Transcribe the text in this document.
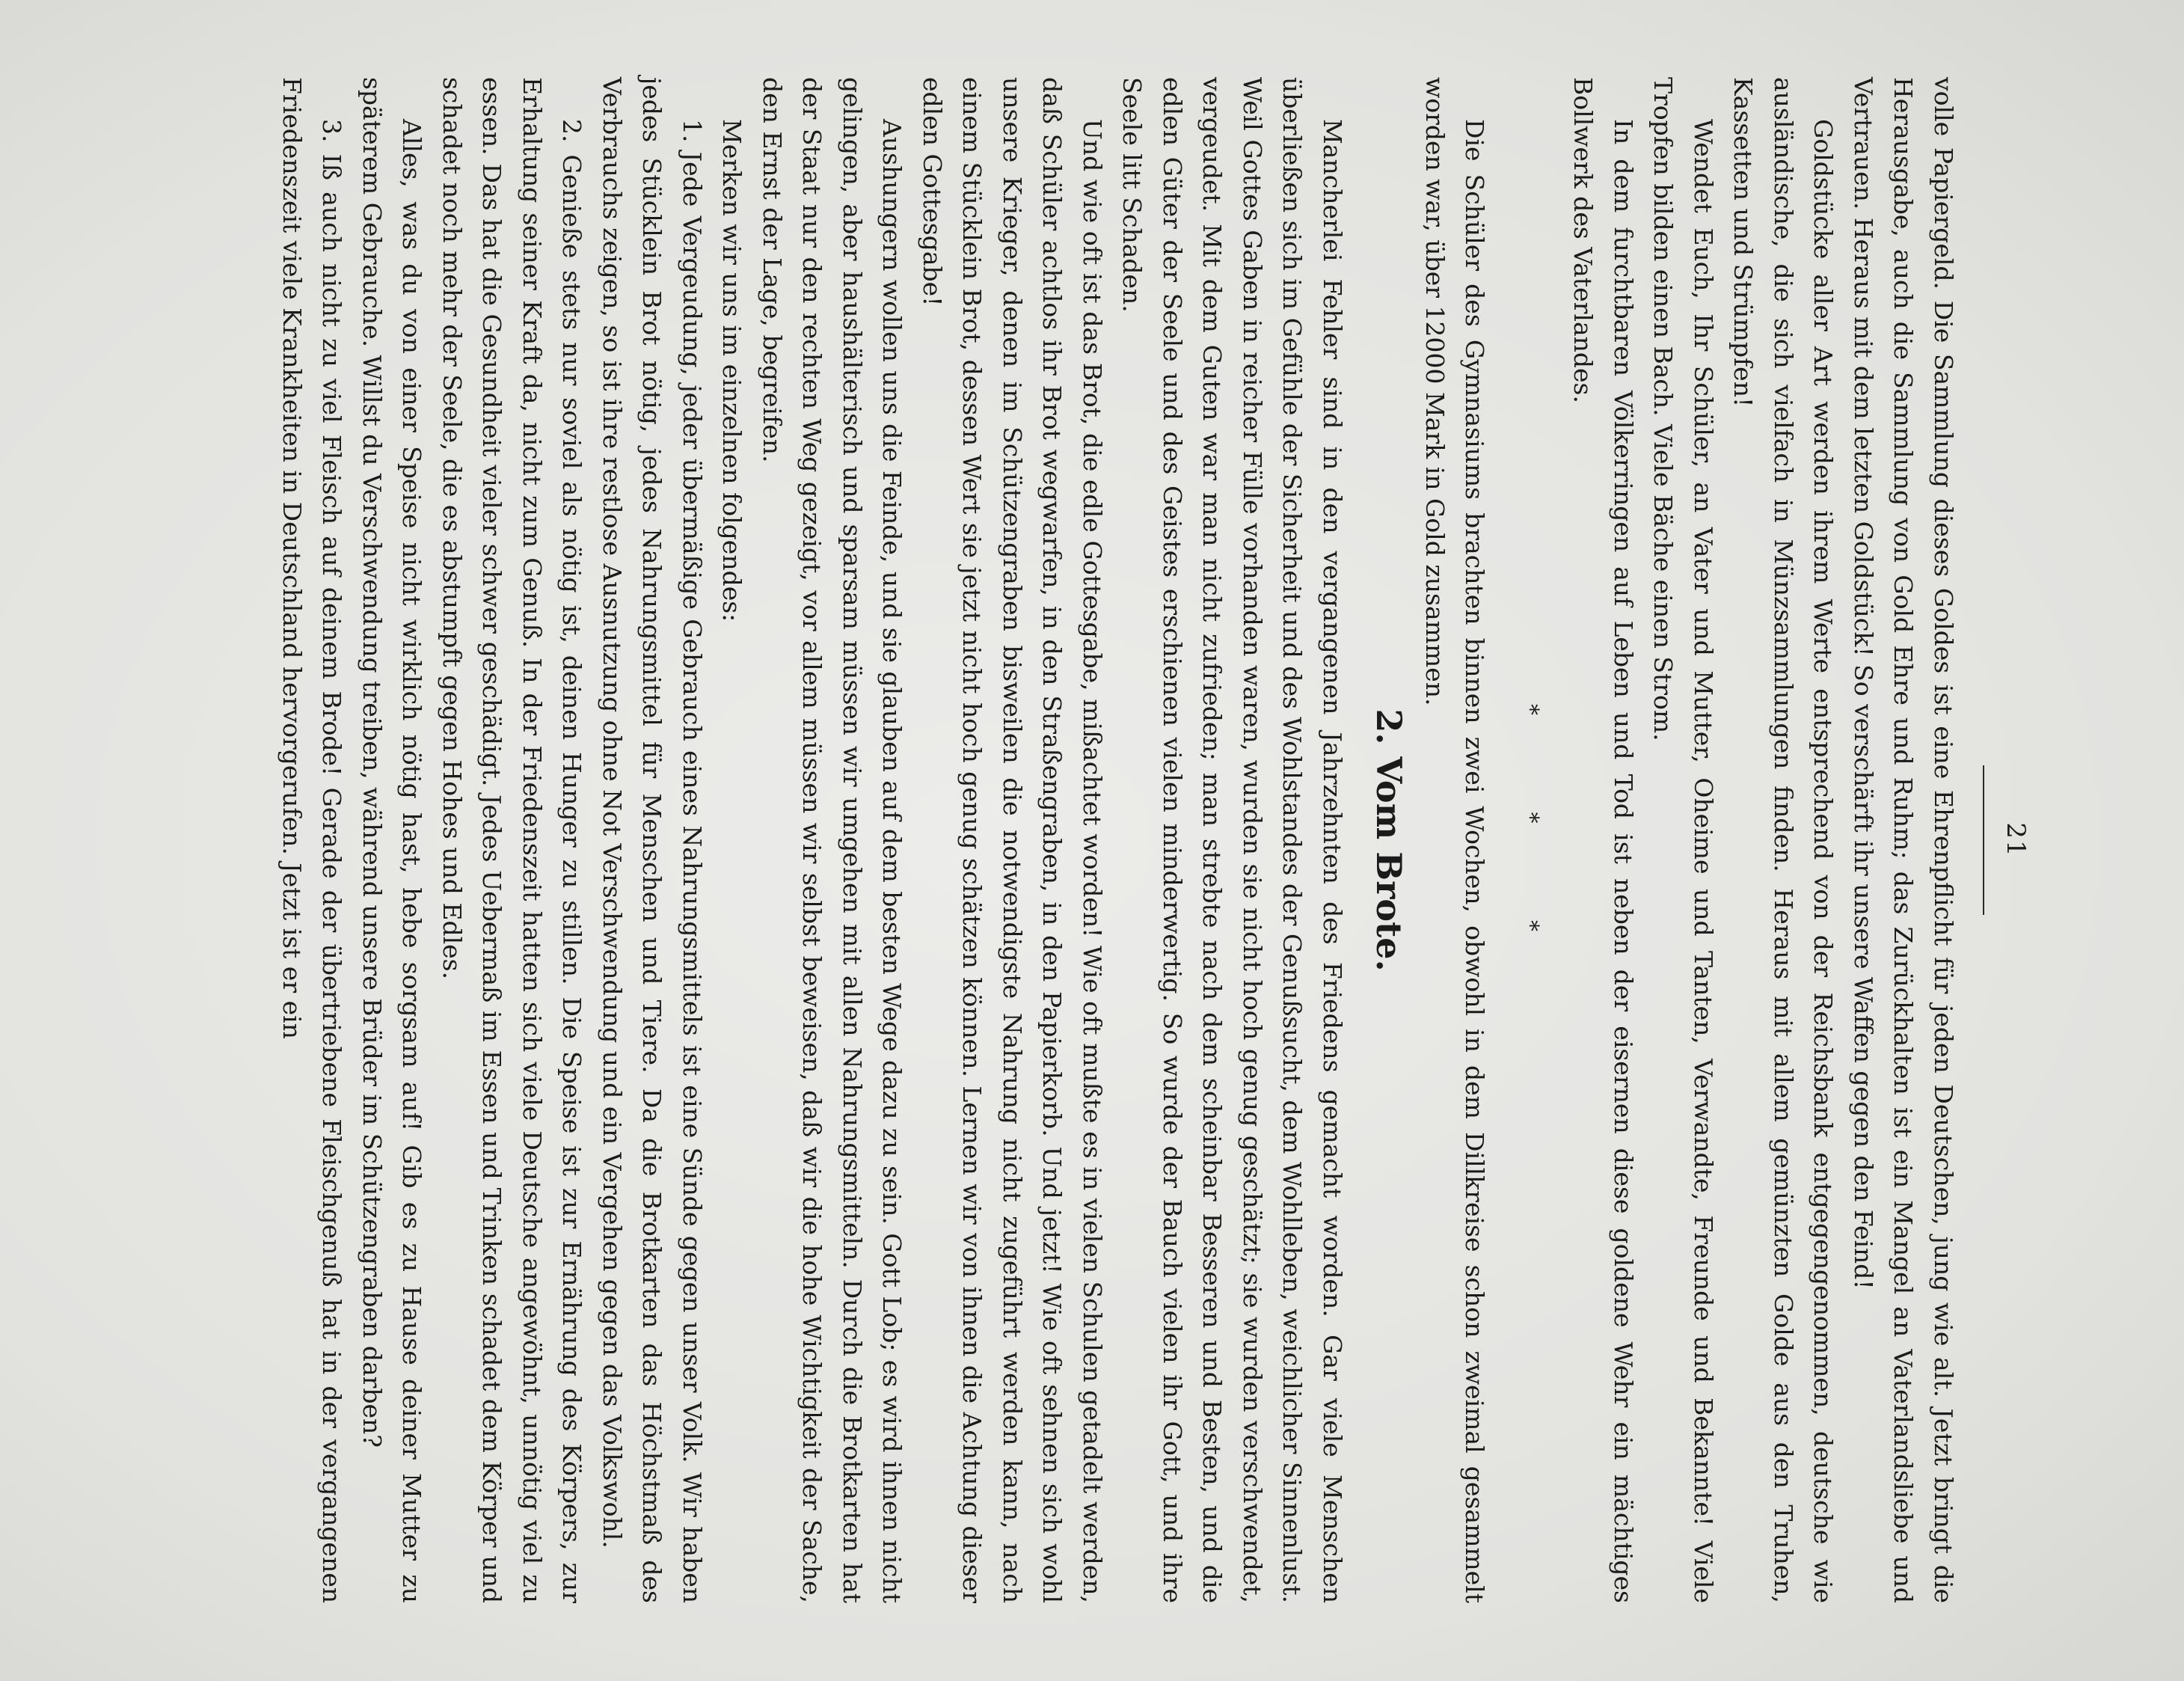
21

volle Papiergeld. Die Sammlung dieses Goldes ist eine Ehrenpflicht für jeden Deutschen, jung wie alt. Jetzt bringt die Herausgabe, auch die Sammlung von Gold Ehre und Ruhm; das Zurückhalten ist ein Mangel an Vaterlandsliebe und Vertrauen. Heraus mit dem letzten Goldstück! So verschärft ihr unsere Waffen gegen den Feind!

Goldstücke aller Art werden ihrem Werte entsprechend von der Reichsbank entgegengenommen, deutsche wie ausländische, die sich vielfach in Münzsammlungen finden. Heraus mit allem gemünzten Golde aus den Truhen, Kassetten und Strümpfen!

Wendet Euch, Ihr Schüler, an Vater und Mutter, Oheime und Tanten, Verwandte, Freunde und Bekannte! Viele Tropfen bilden einen Bach. Viele Bäche einen Strom.

In dem furchtbaren Völkerringen auf Leben und Tod ist neben der eisernen diese goldene Wehr ein mächtiges Bollwerk des Vaterlandes.

* * *

Die Schüler des Gymnasiums brachten binnen zwei Wochen, obwohl in dem Dillkreise schon zweimal gesammelt worden war, über 12000 Mark in Gold zusammen.

2. Vom Brote.

Mancherlei Fehler sind in den vergangenen Jahrzehnten des Friedens gemacht worden. Gar viele Menschen überließen sich im Gefühle der Sicherheit und des Wohlstandes der Genußsucht, dem Wohlleben, weichlicher Sinnenlust. Weil Gottes Gaben in reicher Fülle vorhanden waren, wurden sie nicht hoch genug geschätzt; sie wurden verschwendet, vergeudet. Mit dem Guten war man nicht zufrieden; man strebte nach dem scheinbar Besseren und Besten, und die edlen Güter der Seele und des Geistes erschienen vielen minderwertig. So wurde der Bauch vielen ihr Gott, und ihre Seele litt Schaden.

Und wie oft ist das Brot, die edle Gottesgabe, mißachtet worden! Wie oft mußte es in vielen Schulen getadelt werden, daß Schüler achtlos ihr Brot wegwarfen, in den Straßengraben, in den Papierkorb. Und jetzt! Wie oft sehnen sich wohl unsere Krieger, denen im Schützengraben bisweilen die notwendigste Nahrung nicht zugeführt werden kann, nach einem Stücklein Brot, dessen Wert sie jetzt nicht hoch genug schätzen können. Lernen wir von ihnen die Achtung dieser edlen Gottesgabe!

Aushungern wollen uns die Feinde, und sie glauben auf dem besten Wege dazu zu sein. Gott Lob; es wird ihnen nicht gelingen, aber haushälterisch und sparsam müssen wir umgehen mit allen Nahrungsmitteln. Durch die Brotkarten hat der Staat nur den rechten Weg gezeigt, vor allem müssen wir selbst beweisen, daß wir die hohe Wichtigkeit der Sache, den Ernst der Lage, begreifen.

Merken wir uns im einzelnen folgendes:

1. Jede Vergeudung, jeder übermäßige Gebrauch eines Nahrungsmittels ist eine Sünde gegen unser Volk. Wir haben jedes Stücklein Brot nötig, jedes Nahrungsmittel für Menschen und Tiere. Da die Brotkarten das Höchstmaß des Verbrauchs zeigen, so ist ihre restlose Ausnutzung ohne Not Verschwendung und ein Vergehen gegen das Volkswohl.

2. Genieße stets nur soviel als nötig ist, deinen Hunger zu stillen. Die Speise ist zur Ernährung des Körpers, zur Erhaltung seiner Kraft da, nicht zum Genuß. In der Friedenszeit hatten sich viele Deutsche angewöhnt, unnötig viel zu essen. Das hat die Gesundheit vieler schwer geschädigt. Jedes Uebermaß im Essen und Trinken schadet dem Körper und schadet noch mehr der Seele, die es abstumpft gegen Hohes und Edles.

Alles, was du von einer Speise nicht wirklich nötig hast, hebe sorgsam auf! Gib es zu Hause deiner Mutter zu späterem Gebrauche. Willst du Verschwendung treiben, während unsere Brüder im Schützengraben darben?

3. Iß auch nicht zu viel Fleisch auf deinem Brode! Gerade der übertriebene Fleischgenuß hat in der vergangenen Friedenszeit viele Krankheiten in Deutschland hervorgerufen. Jetzt ist er ein
